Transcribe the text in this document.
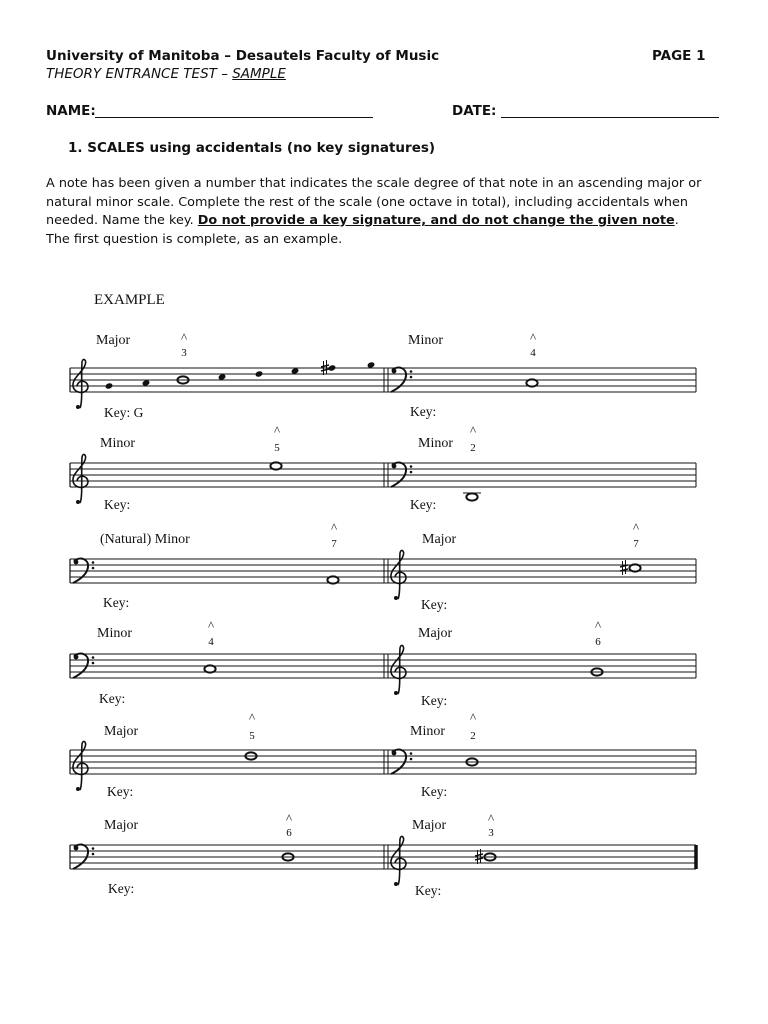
University of Manitoba – Desautels Faculty of Music	PAGE 1
THEORY ENTRANCE TEST – SAMPLE
NAME:	DATE:
1. SCALES using accidentals (no key signatures)

A note has been given a number that indicates the scale degree of that note in an ascending major or

natural minor scale. Complete the rest of the scale (one octave in total), including accidentals when

needed. Name the key. Do not provide a key signature, and do not change the given note.

The first question is complete, as an example.

EXAMPLE
Major	^
3
Key: G
Minor	^
4
Key:
Minor
^
5
Key:
Minor
^
2
Key:
(Natural) Minor
^
7
Key:
Major
^
7
Key:
Minor
^
4
Key:
Major
^
6
Key:
Major
^
5
Key:
Minor
^
2
Key:
Major	^
6
Key:
Major	^
3
Key:
